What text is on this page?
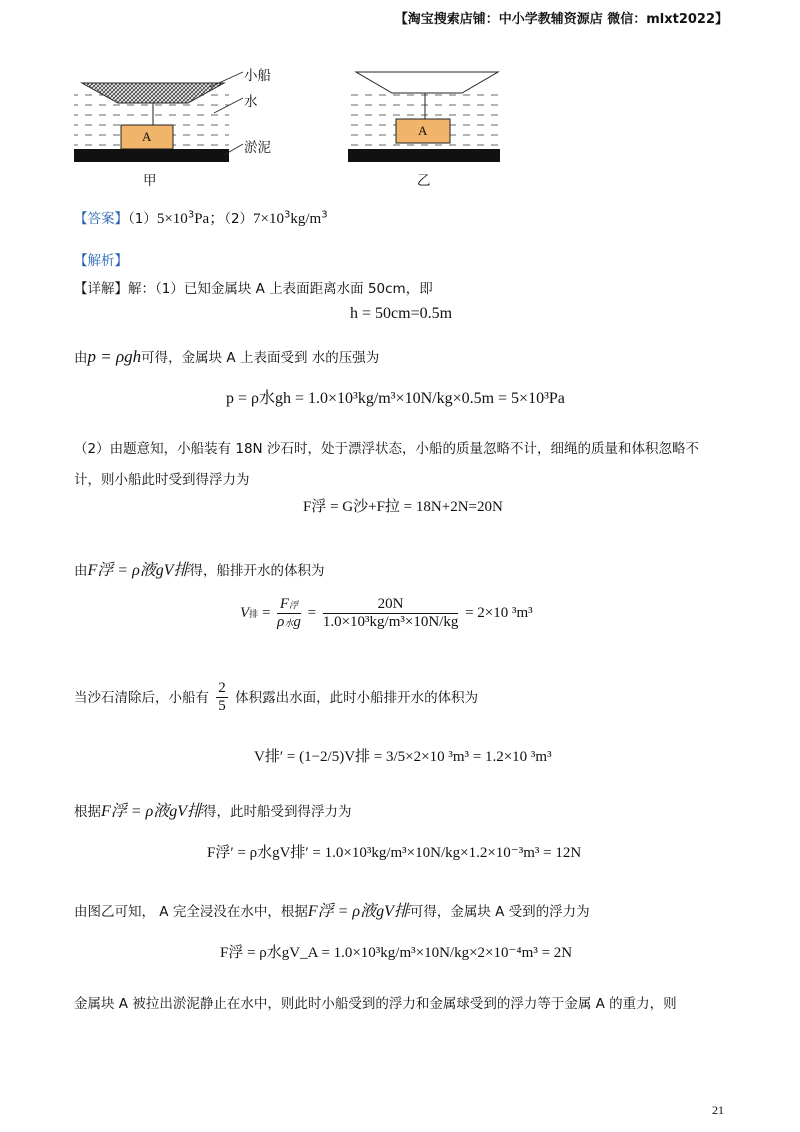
【淘宝搜索店铺：中小学教辅资源店 微信：mlxt2022】
小船
水
淤泥
A	A
甲	乙
【答案】$(1)5\times 10^3Pa$；$(2)7\times 10^3kg/m^3$
【解析】
【详解】解：（1）已知金属块 A 上表面距离水面 50cm，即
h = 50cm=0.5m
由p = ρgh可得，金属块 A 上表面受到 水的压强为
p = ρ水gh = 1.0×10³kg/m³×10N/kg×0.5m = 5×10³Pa
（2）由题意知，小船装有 18N 沙石时，处于漂浮状态，小船的质量忽略不计，细绳的质量和体积忽略不
计，则小船此时受到得浮力为
F浮 = G沙+F拉 = 18N+2N=20N
由F浮 = ρ液gV排得，船排开水的体积为
V排 = $\frac{\text{F浮}}{\text{ρ水g}} = \frac{20N}{\text{1.0×10³kg/m³×10N/kg}} = 2\times 10$ ³m³
当沙石清除后，小船有 $\frac{2}{5}$ 体积露出水面，此时小船排开水的体积为
V排′ = (1−2/5)V排 = 3/5×2×10 ³m³ = 1.2×10 ³m³
根据F浮 = ρ液gV排得，此时船受到得浮力为
F浮′ = ρ水gV排′ = 1.0×10³kg/m³×10N/kg×1.2×10⁻³m³ = 12N
由图乙可知， A 完全浸没在水中，根据F浮 = ρ液gV排可得，金属块 A 受到的浮力为
F浮 = ρ水gV_A = 1.0×10³kg/m³×10N/kg×2×10⁻⁴m³ = 2N
金属块 A 被拉出淤泥静止在水中，则此时小船受到的浮力和金属球受到的浮力等于金属 A 的重力，则
21
